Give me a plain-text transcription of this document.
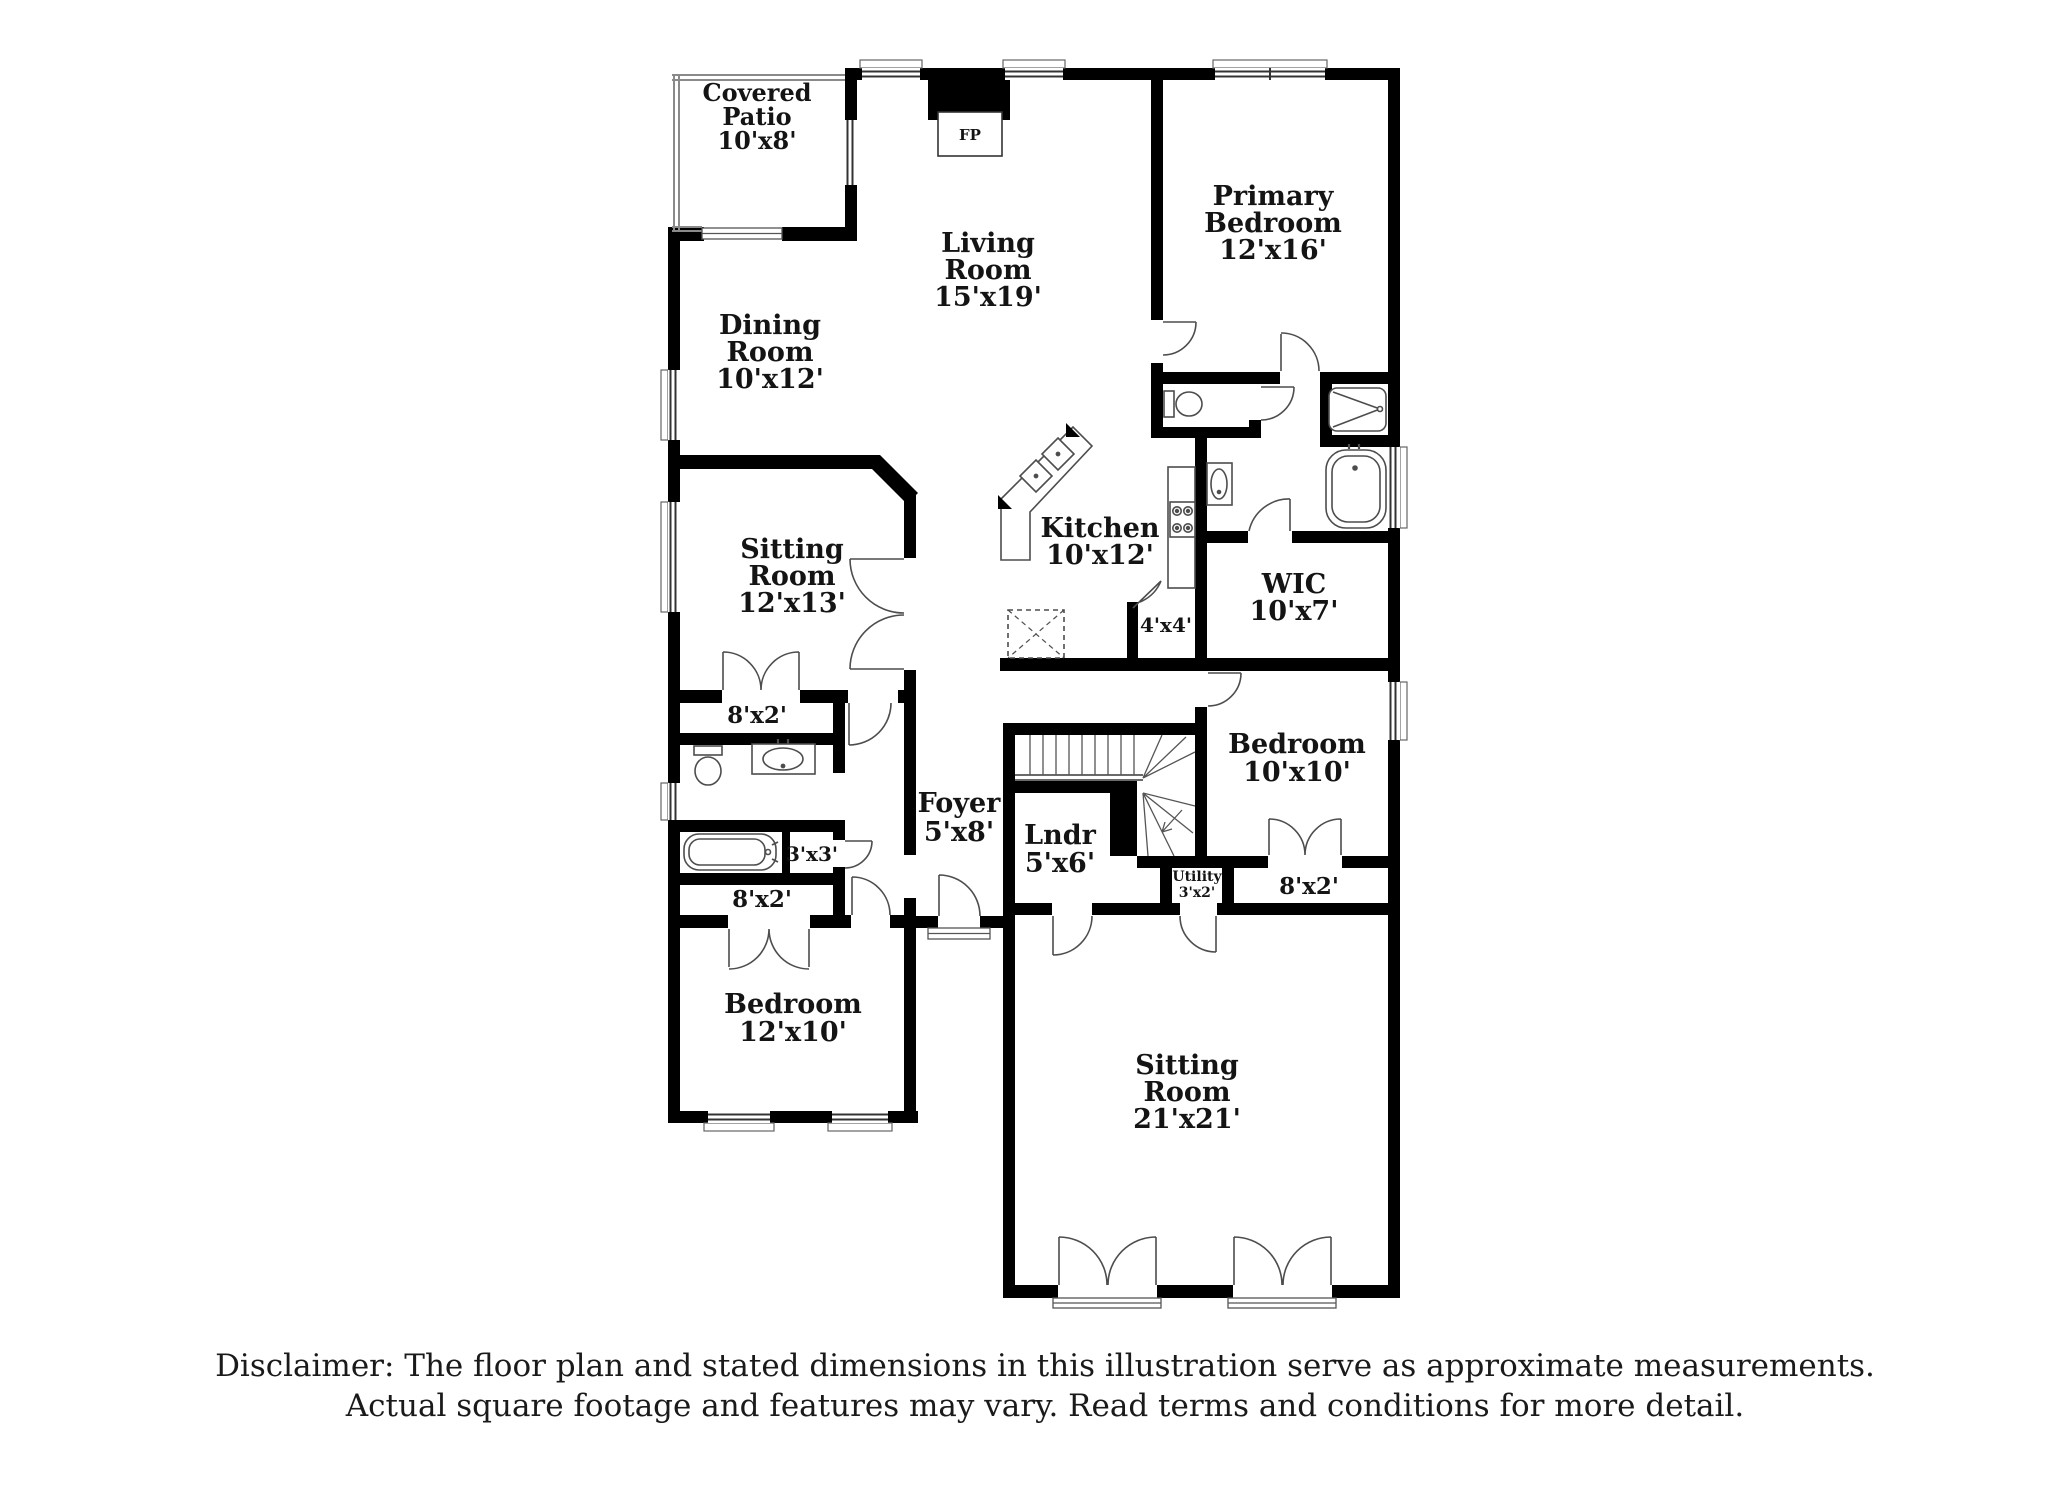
Covered
Patio
10'x8'	FP
Living
Room
15'x19'
Primary
Bedroom
12'x16'
Dining
Room
10'x12'
Sitting
Room
12'x13'
Kitchen
10'x12'
WIC
10'x7'
4'x4'
8'x2'
Foyer
5'x8' Lndr
5'x6'	Utility
3'x2'	8'x2'
3'x3'
8'x2'
Bedroom
12'x10'
Bedroom
10'x10'
Sitting
Room
21'x21'
Disclaimer: The floor plan and stated dimensions in this illustration serve as approximate measurements.
Actual square footage and features may vary. Read terms and conditions for more detail.
